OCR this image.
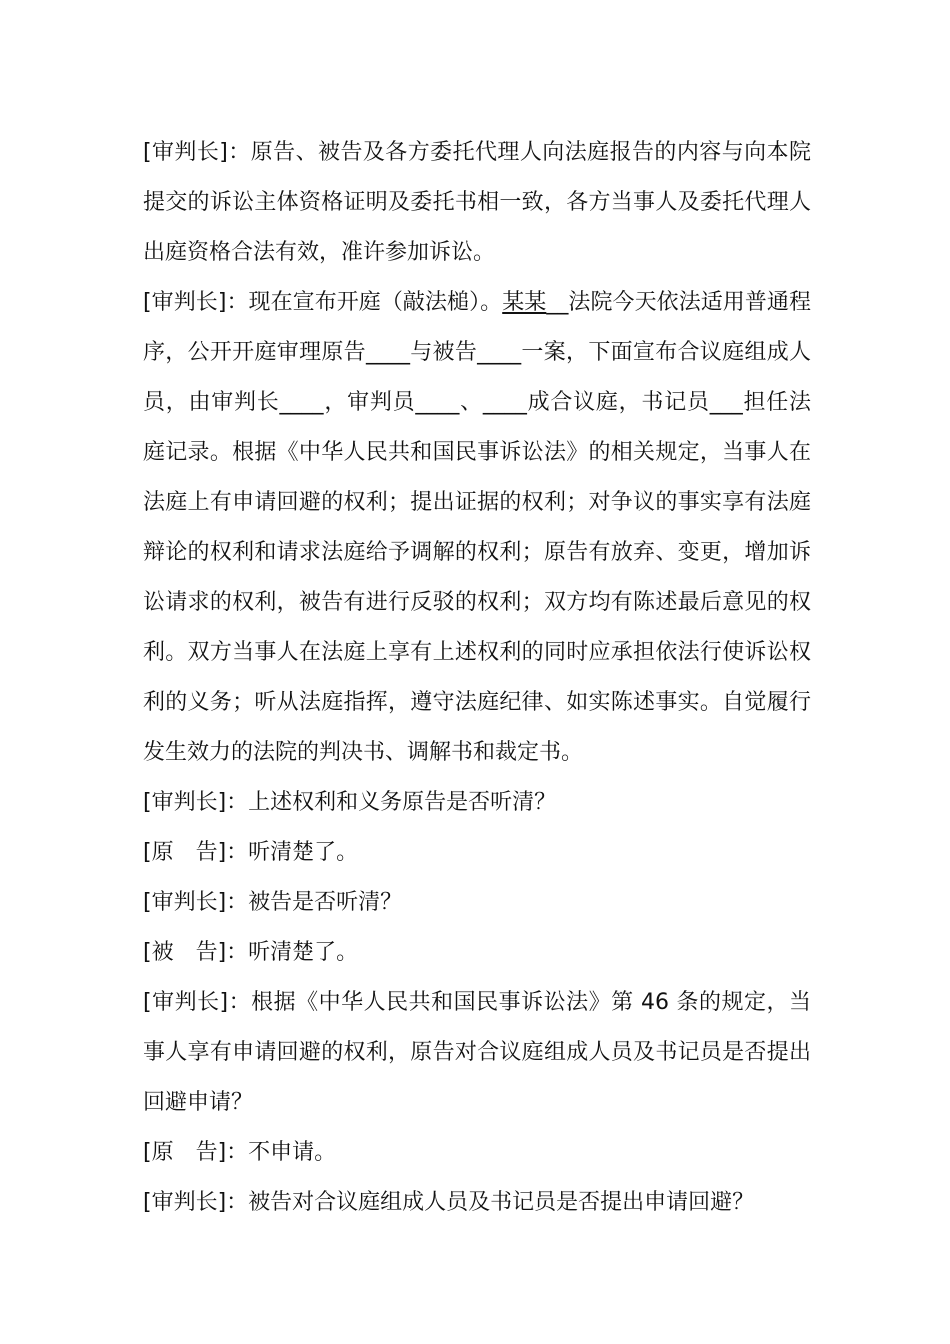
[审判长]：原告、被告及各方委托代理人向法庭报告的内容与向本院提交的诉讼主体资格证明及委托书相一致，各方当事人及委托代理人出庭资格合法有效，准许参加诉讼。

[审判长]：现在宣布开庭（敲法槌）。某某__法院今天依法适用普通程序，公开开庭审理原告____与被告____一案，下面宣布合议庭组成人员，由审判长____，审判员____、____成合议庭，书记员___担任法庭记录。根据《中华人民共和国民事诉讼法》的相关规定，当事人在法庭上有申请回避的权利；提出证据的权利；对争议的事实享有法庭辩论的权利和请求法庭给予调解的权利；原告有放弃、变更，增加诉讼请求的权利，被告有进行反驳的权利；双方均有陈述最后意见的权利。双方当事人在法庭上享有上述权利的同时应承担依法行使诉讼权利的义务；听从法庭指挥，遵守法庭纪律、如实陈述事实。自觉履行发生效力的法院的判决书、调解书和裁定书。

[审判长]：上述权利和义务原告是否听清？

[原　告]：听清楚了。

[审判长]：被告是否听清？

[被　告]：听清楚了。

[审判长]：根据《中华人民共和国民事诉讼法》第 46 条的规定，当事人享有申请回避的权利，原告对合议庭组成人员及书记员是否提出回避申请？

[原　告]：不申请。

[审判长]：被告对合议庭组成人员及书记员是否提出申请回避？
